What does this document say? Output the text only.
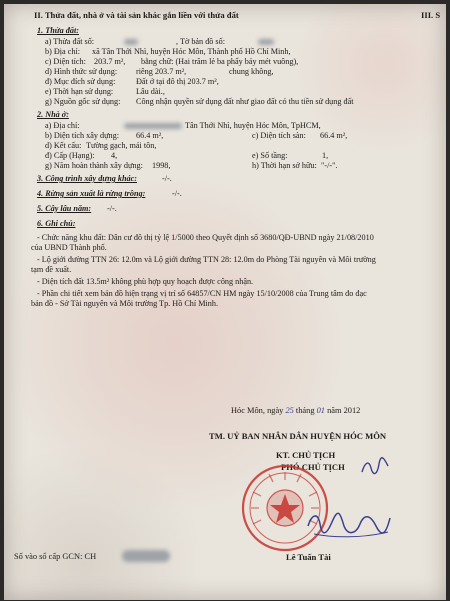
II. Thửa đất, nhà ở và tài sản khác gắn liền với thửa đất	III. S
1. Thửa đất:
a) Thửa đất số:	, Tờ bản đồ số:
b) Địa chỉ: xã Tân Thới Nhì, huyện Hóc Môn, Thành phố Hồ Chí Minh,
c) Diện tích: 203.7 m², bằng chữ: (Hai trăm lẻ ba phẩy bảy mét vuông),
d) Hình thức sử dụng: riêng 203.7 m²,	chung không,
đ) Mục đích sử dụng:	Đất ở tại đô thị 203.7 m²,
e) Thời hạn sử dụng:	Lâu dài.,
g) Nguồn gốc sử dụng: Công nhận quyền sử dụng đất như giao đất có thu tiền sử dụng đất
2. Nhà ở:
a) Địa chỉ:	Tân Thới Nhì, huyện Hóc Môn, TpHCM,
b) Diện tích xây dựng: 66.4 m²,	c) Diện tích sàn: 66.4 m²,
d) Kết cấu: Tường gạch, mái tôn,
đ) Cấp (Hạng): 4,	e) Số tầng:	1,
g) Năm hoàn thành xây dựng: 1998,	h) Thời hạn sở hữu: "-/-".
3. Công trình xây dựng khác:	-/-.
4. Rừng sản xuất là rừng trồng:	-/-.
5. Cây lâu năm: -/-.
6. Ghi chú:
- Chức năng khu đất: Dân cư đô thị tỷ lệ 1/5000 theo Quyết định số 3680/QĐ-UBND ngày 21/08/2010
của UBND Thành phố.
- Lộ giới đường TTN 26: 12.0m và Lộ giới đường TTN 28: 12.0m do Phòng Tài nguyên và Môi trường
tạm đề xuất.
- Diện tích đất 13.5m² không phù hợp quy hoạch được công nhận.
- Phần chi tiết xem bản đồ hiện trạng vị trí số 64857/CN HM ngày 15/10/2008 của Trung tâm đo đạc
bản đồ - Sở Tài nguyên và Môi trường Tp. Hồ Chí Minh.
Hóc Môn, ngày 25 tháng 01 năm 2012
TM. UỶ BAN NHÂN DÂN HUYỆN HÓC MÔN
KT. CHỦ TỊCH
PHÓ CHỦ TỊCH
Lê Tuấn Tài
Số vào sổ cấp GCN: CH
